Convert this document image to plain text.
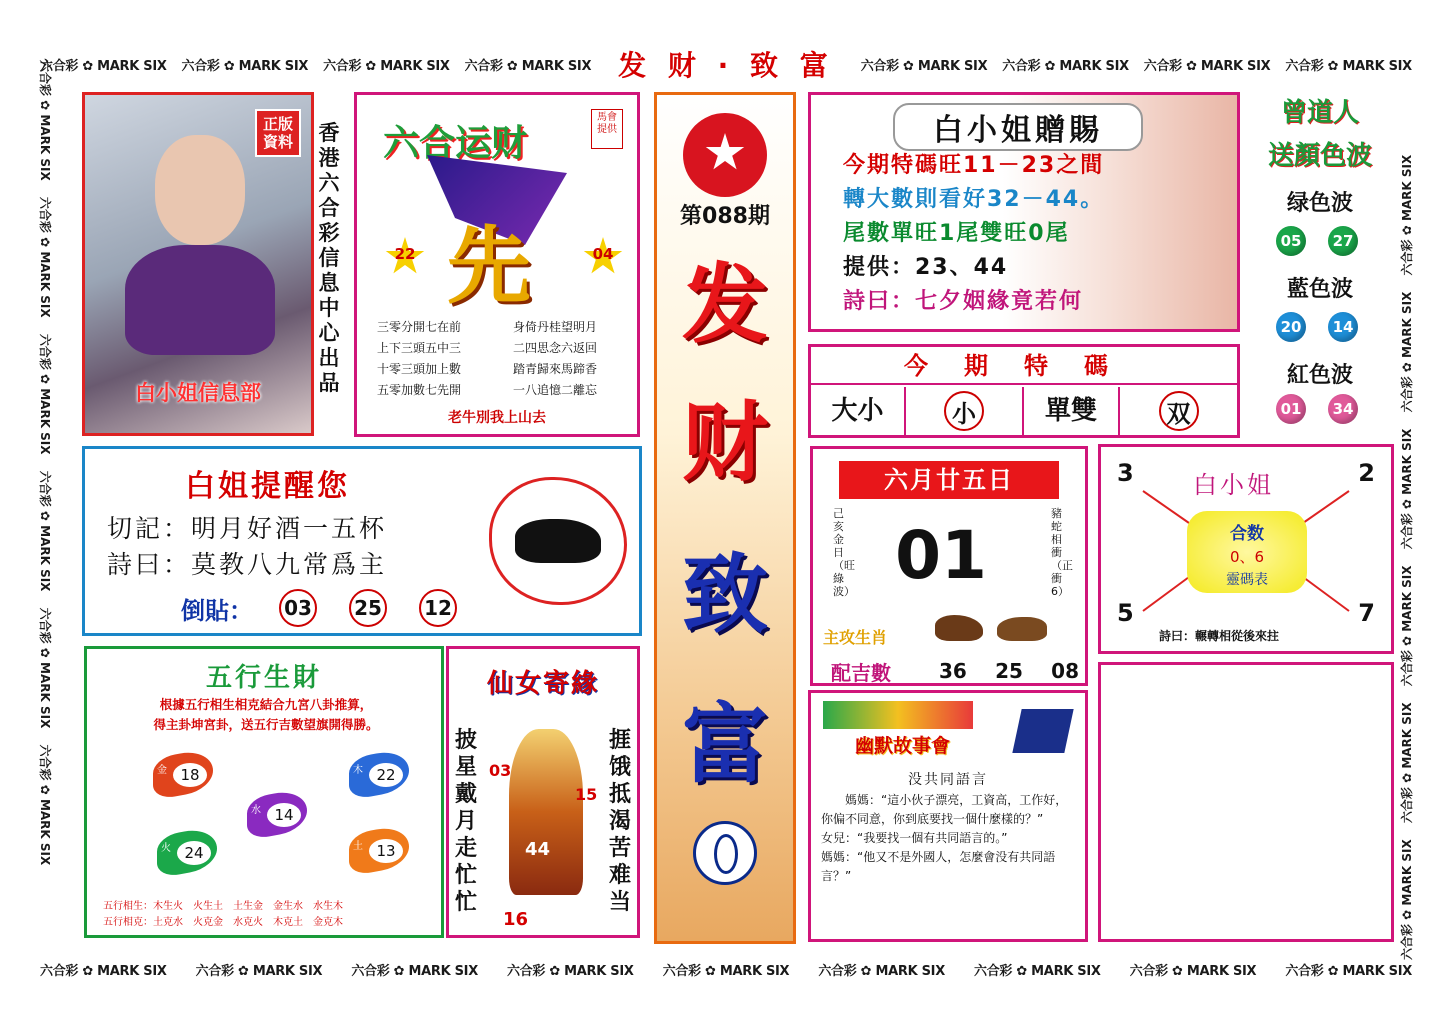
六合彩 ✿ MARK SIX 六合彩 ✿ MARK SIX 六合彩 ✿ MARK SIX 六合彩 ✿ MARK SIX 发 财 · 致 富	六合彩 ✿ MARK SIX 六合彩 ✿ MARK SIX 六合彩 ✿ MARK SIX 六合彩 ✿ MARK SIX
六合彩 ✿ MARK SIX 六合彩 ✿ MARK SIX 六合彩 ✿ MARK SIX 六合彩 ✿ MARK SIX 六合彩 ✿ MARK SIX 六合彩 ✿ MARK SIX 六合彩 ✿ MARK SIX 六合彩 ✿ MARK SIX 六合彩 ✿ MARK SIX
六合彩 ✿ MARK SIX　 六合彩 ✿ MARK SIX　 六合彩 ✿ MARK SIX　 六合彩 ✿ MARK SIX　 六合彩 ✿ MARK SIX　 六合彩 ✿ MARK SIX
六合彩 ✿ MARK SIX　 六合彩 ✿ MARK SIX　 六合彩 ✿ MARK SIX　 六合彩 ✿ MARK SIX　 六合彩 ✿ MARK SIX　 六合彩 ✿ MARK SIX
正版
資料
白小姐信息部
香港六合彩信息中心出品
六合运财
馬會提供
先
22	04
三零分開七在前
上下三頭五中三
十零三頭加上數
五零加數七先開
身倚丹桂望明月
二四思念六返回
踏青歸來馬蹄香
一八追憶二離忘
老牛別我上山去
第088期
发
财
致
富
白小姐贈賜
今期特碼旺11－23之間
轉大數則看好32－44。
尾數單旺1尾雙旺0尾
提供：23、44
詩曰：七夕姻緣竟若何
曾道人
送顏色波
绿色波
05	27
藍色波
20	14
紅色波
01	34
今期特碼
大小	小	單雙	双
白姐提醒您
切記：明月好酒一五杯
詩曰：莫教八九常爲主
倒貼： 03 25 12
六月廿五日
己亥金日（旺綠波） 01
豬蛇相衝（正衝6）
主攻生肖
配吉數 36 25 08
3	2
5	7
白小姐
合数
0、6
靈碼表
詩曰：輾轉相從後來拄
五行生財
根據五行相生相克結合九宮八卦推算，
得主卦坤宮卦，送五行吉數望旗開得勝。
金 18	木 22
水 14
火 24	土 13
五行相生：木生火　火生土　土生金　金生水　水生木
五行相克：土克水　火克金　水克火　木克土　金克木
仙女寄緣
披星戴月走忙忙
捱饿抵渴苦难当
03
15
44
16
幽默故事會
没共同語言
媽媽：“這小伙子漂亮，工資高，工作好，你偏不同意，你到底要找一個什麼樣的？”
女兒：“我要找一個有共同語言的。”
媽媽：“他又不是外國人，怎麼會没有共同語言？”
